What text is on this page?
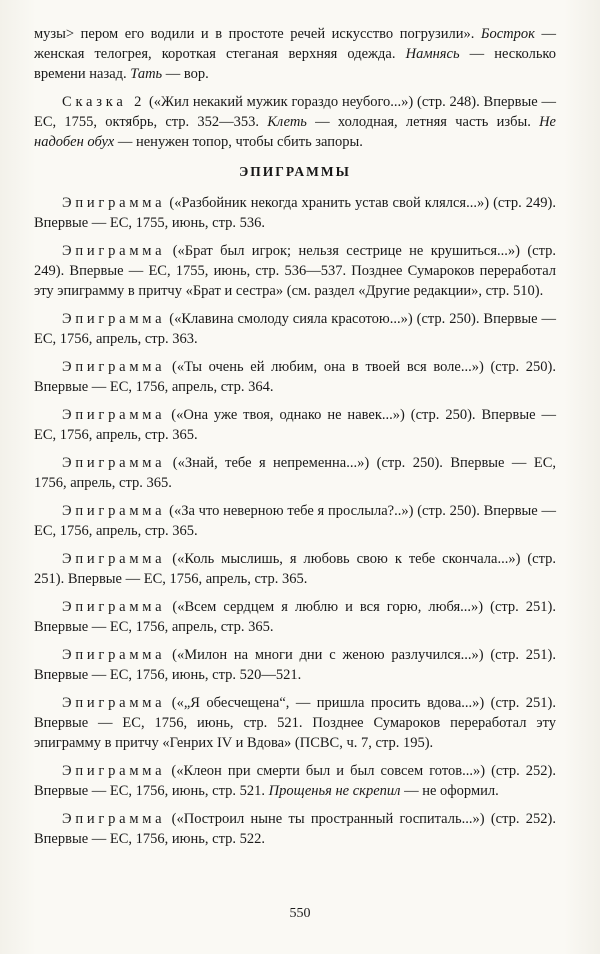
музы> пером его водили и в простоте речей искусство погрузили». Бострок — женская телогрея, короткая стеганая верхняя одежда. Намнясь — несколько времени назад. Тать — вор.

Сказка 2 («Жил некакий мужик гораздо неубого...») (стр. 248). Впервые — ЕС, 1755, октябрь, стр. 352—353. Клеть — холодная, летняя часть избы. Не надобен обух — ненужен топор, чтобы сбить запоры.

ЭПИГРАММЫ

Эпиграмма («Разбойник некогда хранить устав свой клялся...») (стр. 249). Впервые — ЕС, 1755, июнь, стр. 536.

Эпиграмма («Брат был игрок; нельзя сестрице не крушиться...») (стр. 249). Впервые — ЕС, 1755, июнь, стр. 536—537. Позднее Сумароков переработал эту эпиграмму в притчу «Брат и сестра» (см. раздел «Другие редакции», стр. 510).

Эпиграмма («Клавина смолоду сияла красотою...») (стр. 250). Впервые — ЕС, 1756, апрель, стр. 363.

Эпиграмма («Ты очень ей любим, она в твоей вся воле...») (стр. 250). Впервые — ЕС, 1756, апрель, стр. 364.

Эпиграмма («Она уже твоя, однако не навек...») (стр. 250). Впервые — ЕС, 1756, апрель, стр. 365.

Эпиграмма («Знай, тебе я непременна...») (стр. 250). Впервые — ЕС, 1756, апрель, стр. 365.

Эпиграмма («За что неверною тебе я прослыла?..») (стр. 250). Впервые — ЕС, 1756, апрель, стр. 365.

Эпиграмма («Коль мыслишь, я любовь свою к тебе скончала...») (стр. 251). Впервые — ЕС, 1756, апрель, стр. 365.

Эпиграмма («Всем сердцем я люблю и вся горю, любя...») (стр. 251). Впервые — ЕС, 1756, апрель, стр. 365.

Эпиграмма («Милон на многи дни с женою разлучился...») (стр. 251). Впервые — ЕС, 1756, июнь, стр. 520—521.

Эпиграмма («„Я обесчещена“, — пришла просить вдова...») (стр. 251). Впервые — ЕС, 1756, июнь, стр. 521. Позднее Сумароков переработал эту эпиграмму в притчу «Генрих IV и Вдова» (ПСВС, ч. 7, стр. 195).

Эпиграмма («Клеон при смерти был и был совсем готов...») (стр. 252). Впервые — ЕС, 1756, июнь, стр. 521. Прощенья не скрепил — не оформил.

Эпиграмма («Построил ныне ты пространный госпиталь...») (стр. 252). Впервые — ЕС, 1756, июнь, стр. 522.

550
